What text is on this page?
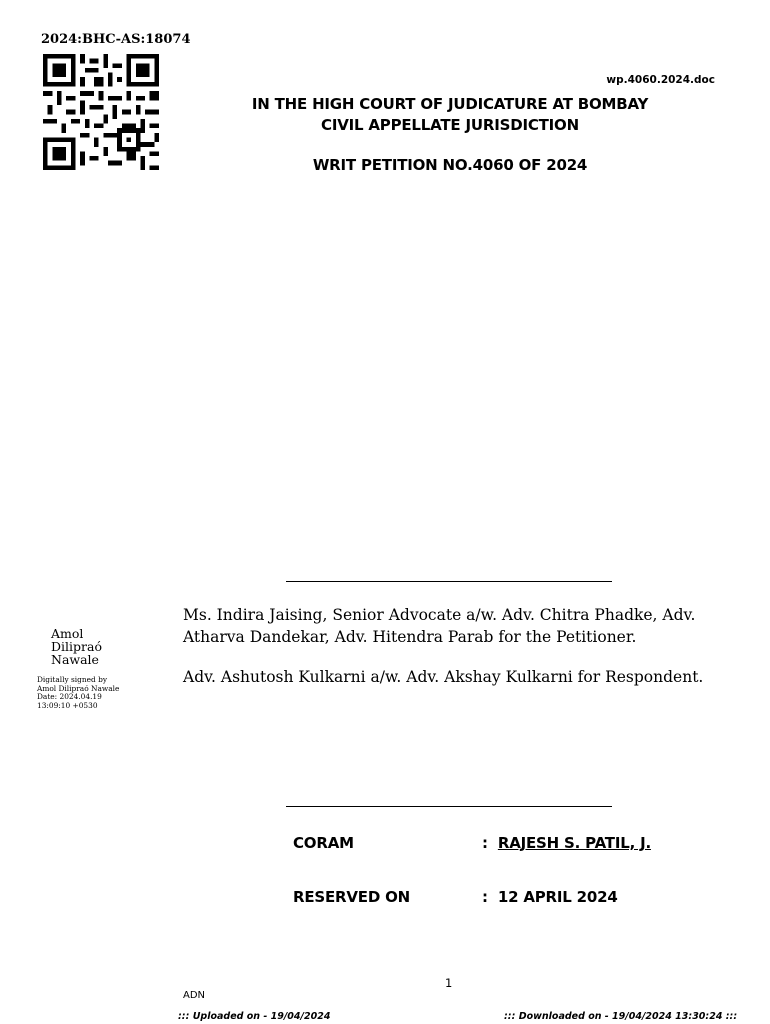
2024:BHC-AS:18074
wp.4060.2024.doc
IN THE HIGH COURT OF JUDICATURE AT BOMBAY
CIVIL APPELLATE JURISDICTION
WRIT PETITION NO.4060 OF 2024
Ms. Indira Jaising, Senior Advocate a/w. Adv. Chitra Phadke, Adv.
Atharva Dandekar, Adv. Hitendra Parab for the Petitioner.
Adv. Ashutosh Kulkarni a/w. Adv. Akshay Kulkarni for Respondent.
Amol
Dilipraó
Nawale
Digitally signed by
Amol Dilipraó Nawale
Date: 2024.04.19
13:09:10 +0530
CORAM	: RAJESH S. PATIL, J.
RESERVED ON	: 12 APRIL 2024
1
ADN
::: Uploaded on - 19/04/2024	::: Downloaded on - 19/04/2024 13:30:24 :::
